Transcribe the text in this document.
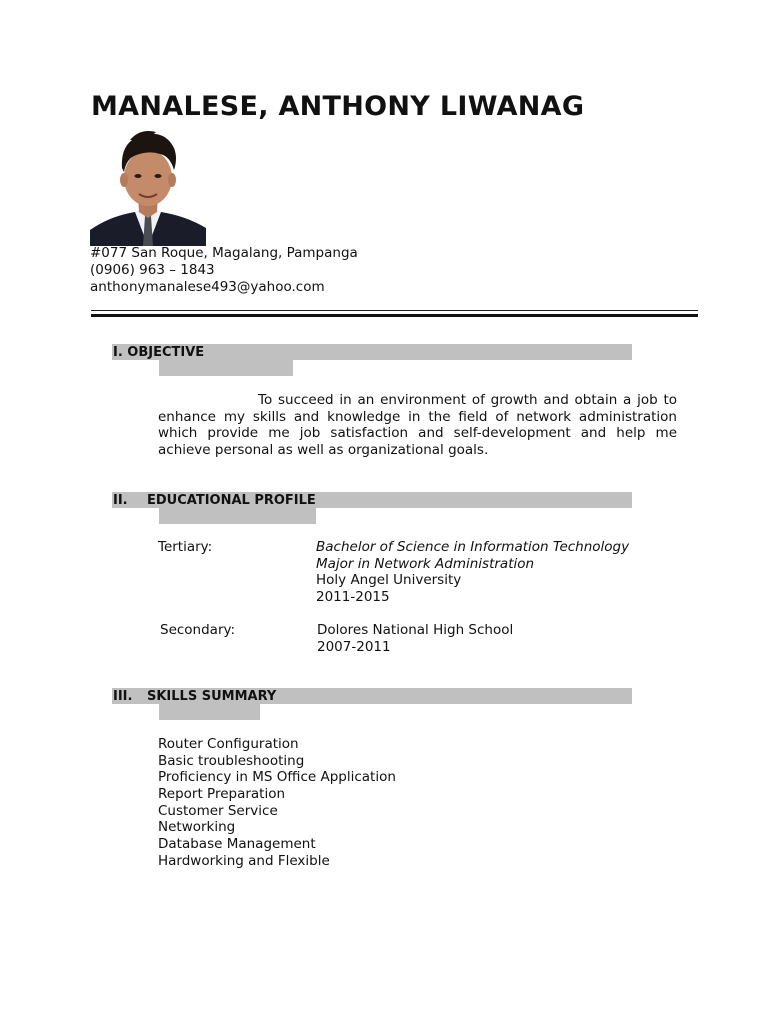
MANALESE, ANTHONY LIWANAG
#077 San Roque, Magalang, Pampanga
(0906) 963 – 1843
anthonymanalese493@yahoo.com
I. OBJECTIVE
To succeed in an environment of growth and obtain a job to enhance my skills and knowledge in the field of network administration which provide me job satisfaction and self-development and help me achieve personal as well as organizational goals.
II. EDUCATIONAL PROFILE
Tertiary:	Bachelor of Science in Information Technology
Major in Network Administration
Holy Angel University
2011-2015
Secondary:	Dolores National High School
2007-2011
III. SKILLS SUMMARY
Router Configuration
Basic troubleshooting
Proficiency in MS Office Application
Report Preparation
Customer Service
Networking
Database Management
Hardworking and Flexible
